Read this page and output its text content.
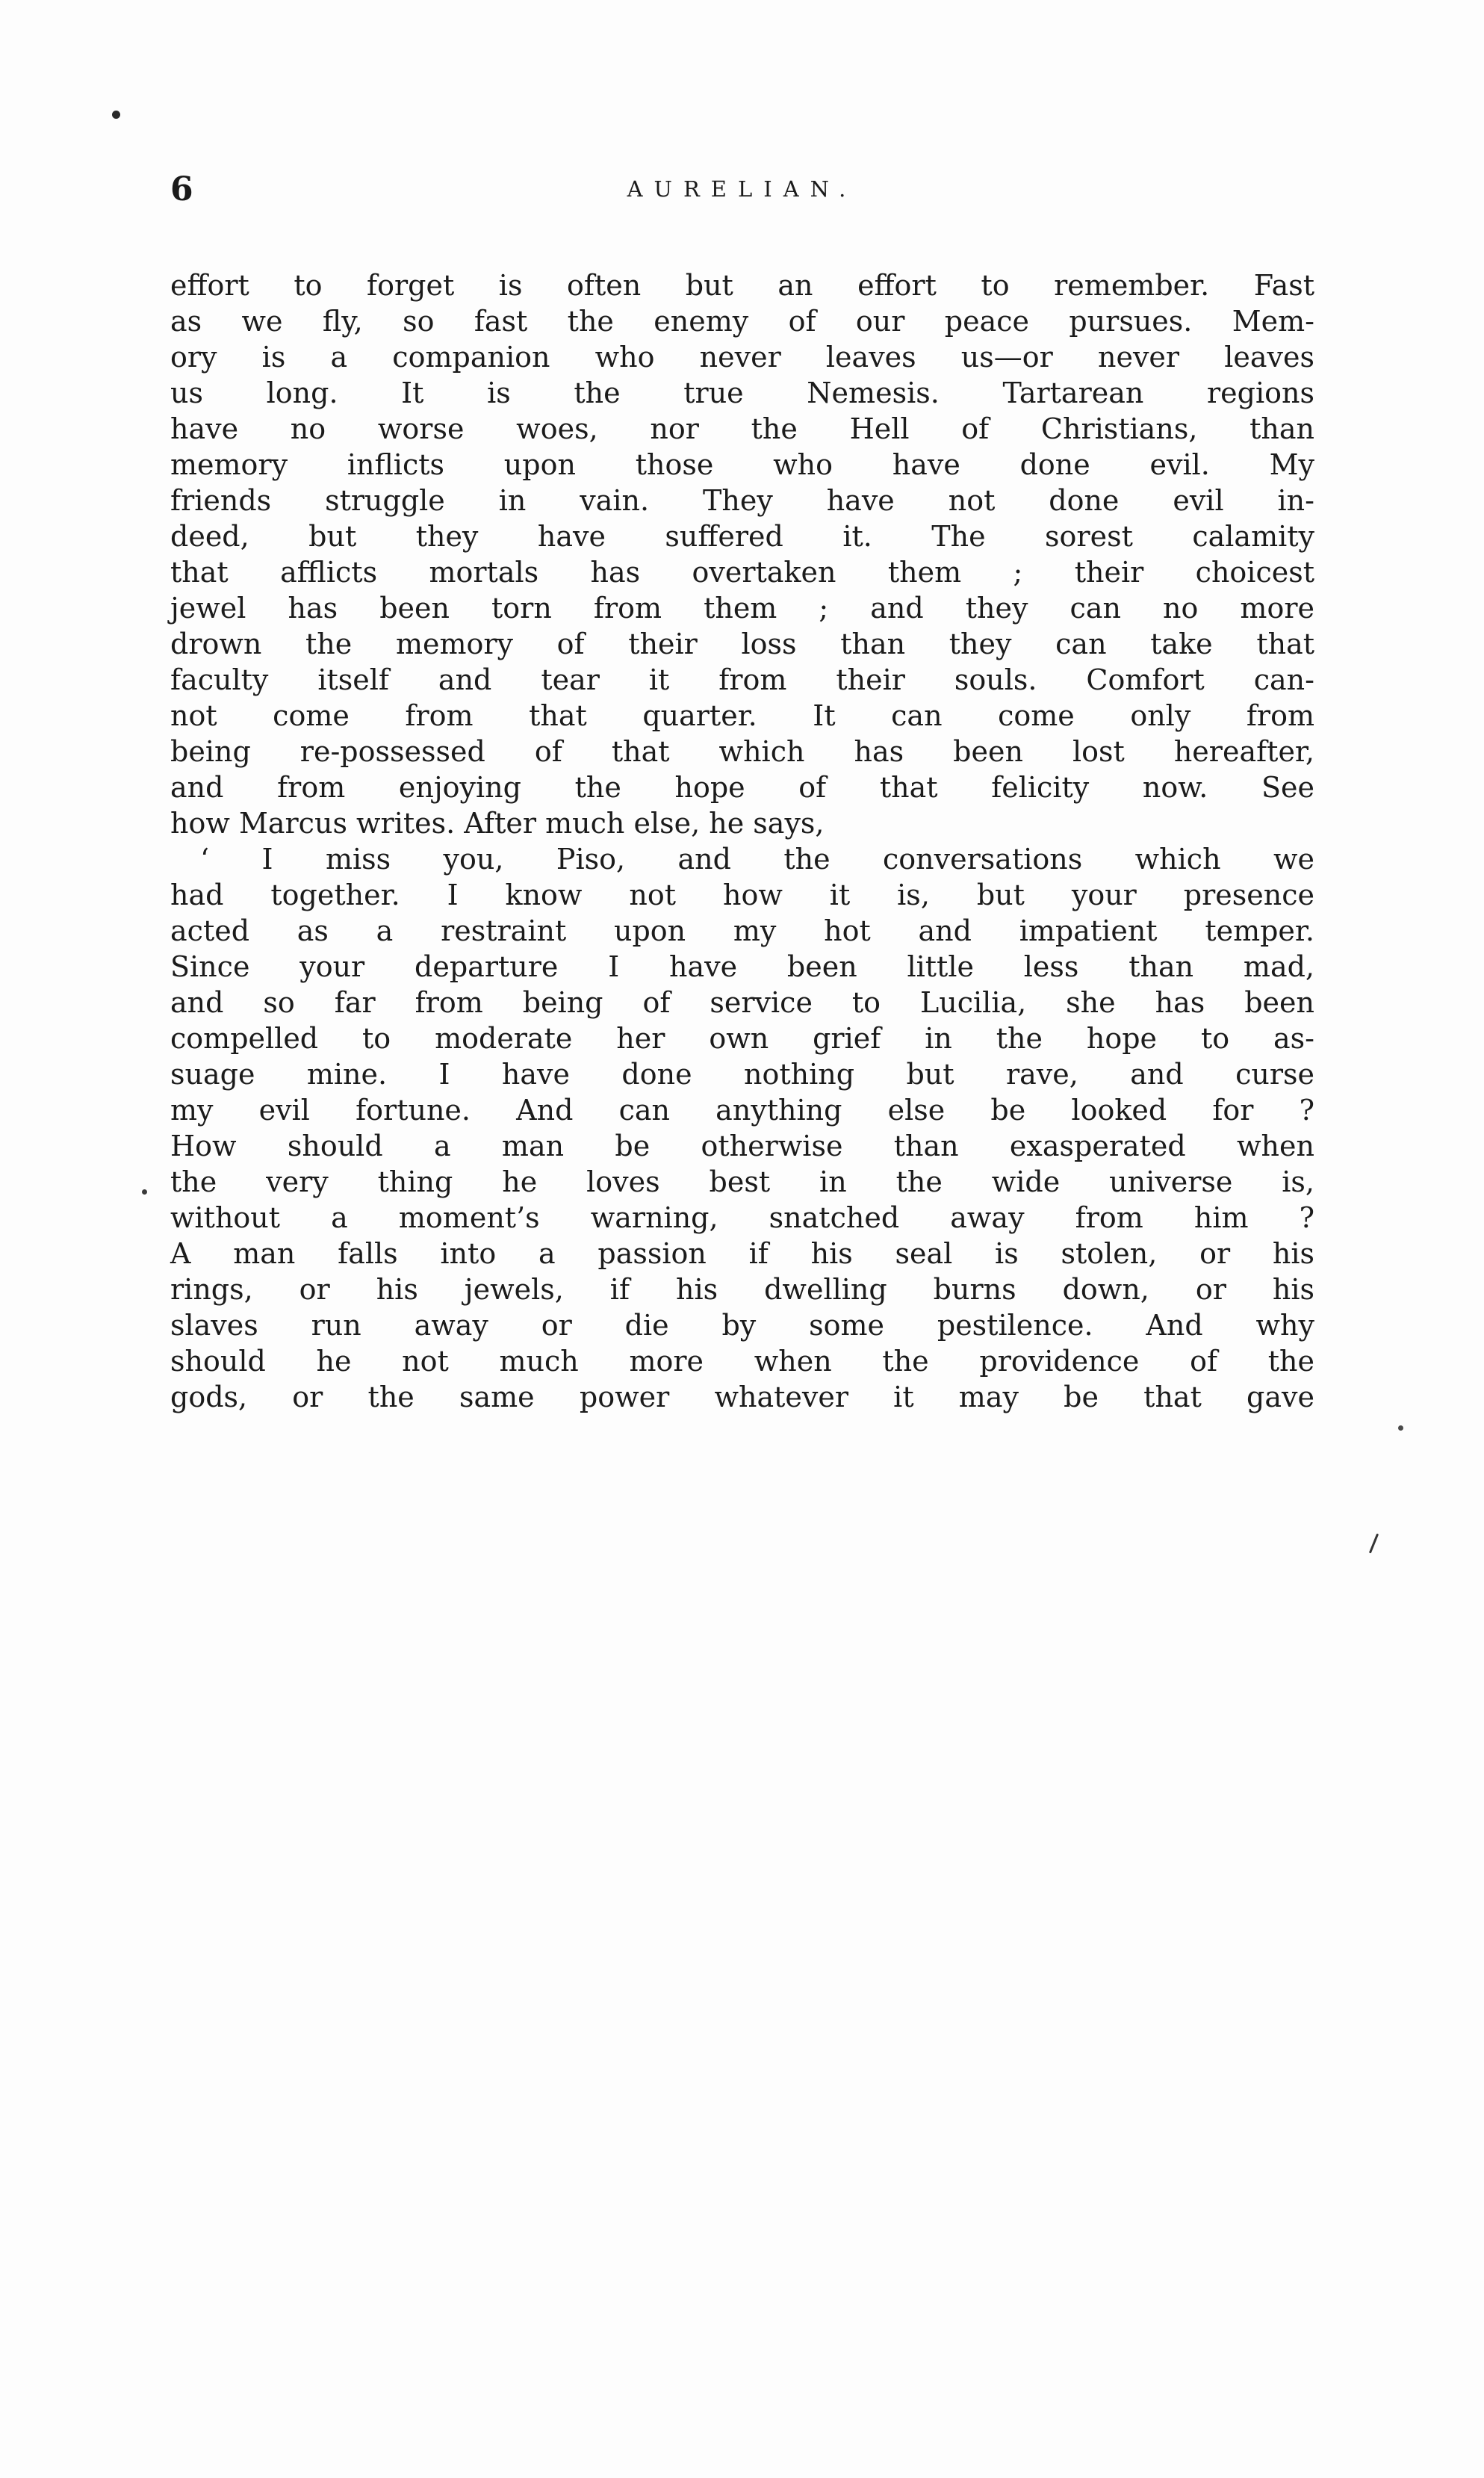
6	AURELIAN.
effort to forget is often but an effort to remember. Fast
as we fly, so fast the enemy of our peace pursues. Mem-
ory is a companion who never leaves us—or never leaves
us long. It is the true Nemesis. Tartarean regions
have no worse woes, nor the Hell of Christians, than
memory inflicts upon those who have done evil. My
friends struggle in vain. They have not done evil in-
deed, but they have suffered it. The sorest calamity
that afflicts mortals has overtaken them ; their choicest
jewel has been torn from them ; and they can no more
drown the memory of their loss than they can take that
faculty itself and tear it from their souls. Comfort can-
not come from that quarter. It can come only from
being re-possessed of that which has been lost hereafter,
and from enjoying the hope of that felicity now. See
how Marcus writes. After much else, he says,
‘ I miss you, Piso, and the conversations which we
had together. I know not how it is, but your presence
acted as a restraint upon my hot and impatient temper.
Since your departure I have been little less than mad,
and so far from being of service to Lucilia, she has been
compelled to moderate her own grief in the hope to as-
suage mine. I have done nothing but rave, and curse
my evil fortune. And can anything else be looked for ?
How should a man be otherwise than exasperated when
the very thing he loves best in the wide universe is,
without a moment’s warning, snatched away from him ?
A man falls into a passion if his seal is stolen, or his
rings, or his jewels, if his dwelling burns down, or his
slaves run away or die by some pestilence. And why
should he not much more when the providence of the
gods, or the same power whatever it may be that gave
